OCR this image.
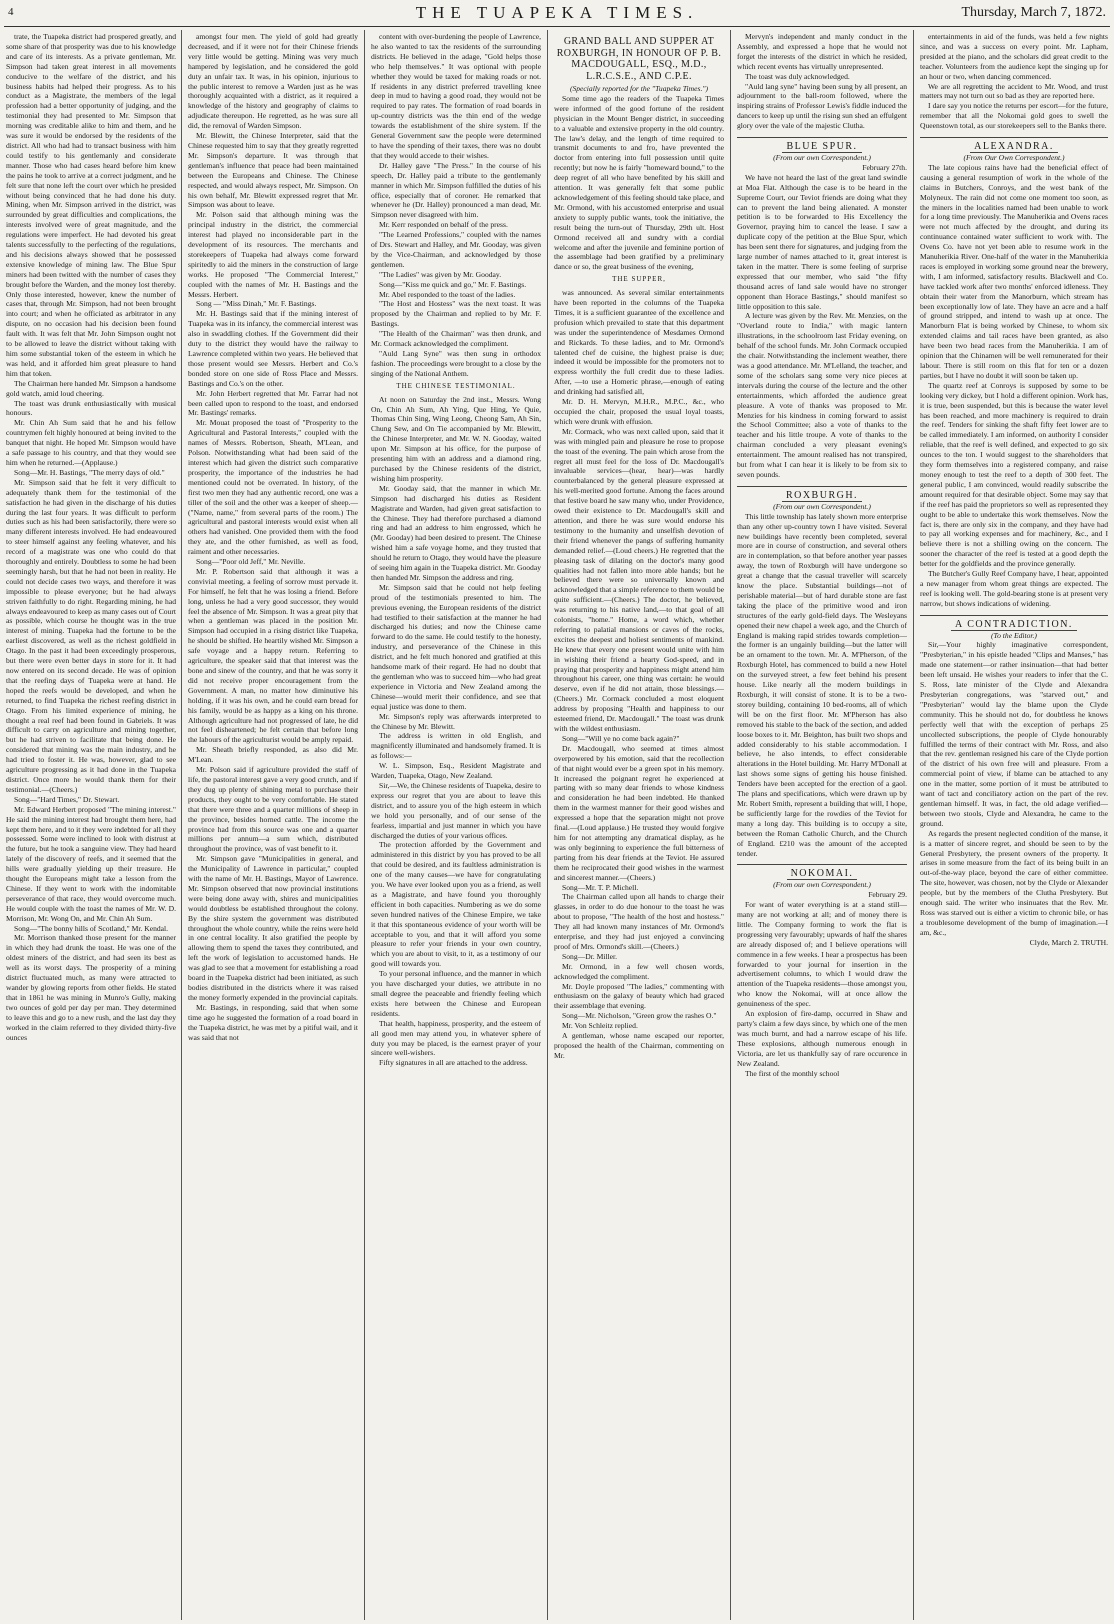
4	THE TUAPEKA TIMES.	Thursday, March 7, 1872.

trate, the Tuapeka district had prospered greatly, and some share of that prosperity was due to his knowledge and care of its interests. As a private gentleman, Mr. Simpson had taken great interest in all movements conducive to the welfare of the district, and his business habits had helped their progress. As to his conduct as a Magistrate, the members of the legal profession had a better opportunity of judging, and the testimonial they had presented to Mr. Simpson that morning was creditable alike to him and them, and he was sure it would be endorsed by the residents of the district. All who had had to transact business with him could testify to his gentlemanly and considerate manner. Those who had cases heard before him knew the pains he took to arrive at a correct judgment, and he felt sure that none left the court over which he presided without being convinced that he had done his duty. Mining, when Mr. Simpson arrived in the district, was surrounded by great difficulties and complications, the interests involved were of great magnitude, and the regulations were imperfect. He had devoted his great talents successfully to the perfecting of the regulations, and his decisions always showed that he possessed extensive knowledge of mining law. The Blue Spur miners had been twitted with the number of cases they brought before the Warden, and the money lost thereby. Only those interested, however, knew the number of cases that, through Mr. Simpson, had not been brought into court; and when he officiated as arbitrator in any dispute, on no occasion had his decision been found fault with. It was felt that Mr. John Simpson ought not to be allowed to leave the district without taking with him some substantial token of the esteem in which he was held, and it afforded him great pleasure to hand him that token.

The Chairman here handed Mr. Simpson a handsome gold watch, amid loud cheering.

The toast was drunk enthusiastically with musical honours.

Mr. Chin Ah Sum said that he and his fellow countrymen felt highly honoured at being invited to the banquet that night. He hoped Mr. Simpson would have a safe passage to his country, and that they would see him when he returned.—(Applause.)

Song—Mr. H. Bastings, "The merry days of old."

Mr. Simpson said that he felt it very difficult to adequately thank them for the testimonial of the satisfaction he had given in the discharge of his duties during the last four years. It was difficult to perform duties such as his had been satisfactorily, there were so many different interests involved. He had endeavoured to steer himself against any feeling whatever, and his record of a magistrate was one who could do that thoroughly and entirely. Doubtless to some he had been seemingly harsh, but that he had not been in reality. He could not decide cases two ways, and therefore it was impossible to please everyone; but he had always striven faithfully to do right. Regarding mining, he had always endeavoured to keep as many cases out of Court as possible, which course he thought was in the true interest of mining. Tuapeka had the fortune to be the earliest discovered, as well as the richest goldfield in Otago. In the past it had been exceedingly prosperous, but there were even better days in store for it. It had now entered on its second decade. He was of opinion that the reefing days of Tuapeka were at hand. He hoped the reefs would be developed, and when he returned, to find Tuapeka the richest reefing district in Otago. From his limited experience of mining, he thought a real reef had been found in Gabriels. It was difficult to carry on agriculture and mining together, but he had striven to facilitate that being done. He considered that mining was the main industry, and he had tried to foster it. He was, however, glad to see agriculture progressing as it had done in the Tuapeka district. Once more he would thank them for their testimonial.—(Cheers.)

Song—"Hard Times," Dr. Stewart.

Mr. Edward Herbert proposed "The mining interest." He said the mining interest had brought them here, had kept them here, and to it they were indebted for all they possessed. Some were inclined to look with distrust at the future, but he took a sanguine view. They had heard lately of the discovery of reefs, and it seemed that the hills were gradually yielding up their treasure. He thought the Europeans might take a lesson from the Chinese. If they went to work with the indomitable perseverance of that race, they would overcome much. He would couple with the toast the names of Mr. W. D. Morrison, Mr. Wong On, and Mr. Chin Ah Sum.

Song—"The bonny hills of Scotland," Mr. Kendal.

Mr. Morrison thanked those present for the manner in which they had drunk the toast. He was one of the oldest miners of the district, and had seen its best as well as its worst days. The prosperity of a mining district fluctuated much, as many were attracted to wander by glowing reports from other fields. He stated that in 1861 he was mining in Munro's Gully, making two ounces of gold per day per man. They determined to leave this and go to a new rush, and the last day they worked in the claim referred to they divided thirty-five ounces

amongst four men. The yield of gold had greatly decreased, and if it were not for their Chinese friends very little would be getting. Mining was very much hampered by legislation, and he considered the gold duty an unfair tax. It was, in his opinion, injurious to the public interest to remove a Warden just as he was thoroughly acquainted with a district, as it required a knowledge of the history and geography of claims to adjudicate thereupon. He regretted, as he was sure all did, the removal of Warden Simpson.

Mr. Blewitt, the Chinese Interpreter, said that the Chinese requested him to say that they greatly regretted Mr. Simpson's departure. It was through that gentleman's influence that peace had been maintained between the Europeans and Chinese. The Chinese respected, and would always respect, Mr. Simpson. On his own behalf, Mr. Blewitt expressed regret that Mr. Simpson was about to leave.

Mr. Polson said that although mining was the principal industry in the district, the commercial interest had played no inconsiderable part in the development of its resources. The merchants and storekeepers of Tuapeka had always come forward spiritedly to aid the miners in the construction of large works. He proposed "The Commercial Interest," coupled with the names of Mr. H. Bastings and the Messrs. Herbert.

Song — "Miss Dinah," Mr. F. Bastings.

Mr. H. Bastings said that if the mining interest of Tuapeka was in its infancy, the commercial interest was also in swaddling clothes. If the Government did their duty to the district they would have the railway to Lawrence completed within two years. He believed that those present would see Messrs. Herbert and Co.'s bonded store on one side of Ross Place and Messrs. Bastings and Co.'s on the other.

Mr. John Herbert regretted that Mr. Farrar had not been called upon to respond to the toast, and endorsed Mr. Bastings' remarks.

Mr. Mouat proposed the toast of "Prosperity to the Agricultural and Pastoral Interests," coupled with the names of Messrs. Robertson, Sheath, M'Lean, and Polson. Notwithstanding what had been said of the interest which had given the district such comparative prosperity, the importance of the industries he had mentioned could not be overrated. In history, of the first two men they had any authentic record, one was a tiller of the soil and the other was a keeper of sheep.—("Name, name," from several parts of the room.) The agricultural and pastoral interests would exist when all others had vanished. One provided them with the food they ate, and the other furnished, as well as food, raiment and other necessaries.

Song—"Poor old Jeff," Mr. Neville.

Mr. P. Robertson said that although it was a convivial meeting, a feeling of sorrow must pervade it. For himself, he felt that he was losing a friend. Before long, unless he had a very good successor, they would feel the absence of Mr. Simpson. It was a great pity that when a gentleman was placed in the position Mr. Simpson had occupied in a rising district like Tuapeka, he should be shifted. He heartily wished Mr. Simpson a safe voyage and a happy return. Referring to agriculture, the speaker said that that interest was the bone and sinew of the country, and that he was sorry it did not receive proper encouragement from the Government. A man, no matter how diminutive his holding, if it was his own, and he could earn bread for his family, would be as happy as a king on his throne. Although agriculture had not progressed of late, he did not feel disheartened; he felt certain that before long the labours of the agriculturist would be amply repaid.

Mr. Sheath briefly responded, as also did Mr. M'Lean.

Mr. Polson said if agriculture provided the staff of life, the pastoral interest gave a very good crutch, and if they dug up plenty of shining metal to purchase their products, they ought to be very comfortable. He stated that there were three and a quarter millions of sheep in the province, besides horned cattle. The income the province had from this source was one and a quarter millions per annum—a sum which, distributed throughout the province, was of vast benefit to it.

Mr. Simpson gave "Municipalities in general, and the Municipality of Lawrence in particular," coupled with the name of Mr. H. Bastings, Mayor of Lawrence. Mr. Simpson observed that now provincial institutions were being done away with, shires and municipalities would doubtless be established throughout the colony. By the shire system the government was distributed throughout the whole country, while the reins were held in one central locality. It also gratified the people by allowing them to spend the taxes they contributed, and left the work of legislation to accustomed hands. He was glad to see that a movement for establishing a road board in the Tuapeka district had been initiated, as such bodies distributed in the districts where it was raised the money formerly expended in the provincial capitals.

Mr. Bastings, in responding, said that when some time ago he suggested the formation of a road board in the Tuapeka district, he was met by a pitiful wail, and it was said that not

content with over-burdening the people of Lawrence, he also wanted to tax the residents of the surrounding districts. He believed in the adage, "Gold helps those who help themselves." It was optional with people whether they would be taxed for making roads or not. If residents in any district preferred travelling knee deep in mud to having a good road, they would not be required to pay rates. The formation of road boards in up-country districts was the thin end of the wedge towards the establishment of the shire system. If the General Government saw the people were determined to have the spending of their taxes, there was no doubt that they would accede to their wishes.

Dr. Halley gave "The Press." In the course of his speech, Dr. Halley paid a tribute to the gentlemanly manner in which Mr. Simpson fulfilled the duties of his office, especially that of coroner. He remarked that whenever he (Dr. Halley) pronounced a man dead, Mr. Simpson never disagreed with him.

Mr. Kerr responded on behalf of the press.

"The Learned Professions," coupled with the names of Drs. Stewart and Halley, and Mr. Gooday, was given by the Vice-Chairman, and acknowledged by those gentlemen.

"The Ladies" was given by Mr. Gooday.

Song—"Kiss me quick and go," Mr. F. Bastings.

Mr. Abel responded to the toast of the ladies.

"The Host and Hostess" was the next toast. It was proposed by the Chairman and replied to by Mr. F. Bastings.

"The Health of the Chairman" was then drunk, and Mr. Cormack acknowledged the compliment.

"Auld Lang Syne" was then sung in orthodox fashion. The proceedings were brought to a close by the singing of the National Anthem.

THE CHINESE TESTIMONIAL.

At noon on Saturday the 2nd inst., Messrs. Wong On, Chin Ah Sum, Ah Ying, Que Hing, Ye Quie, Thomas Chin Sing, Wing Leong, Cheong Sam, Ah Sin, Chung Sew, and On Tie accompanied by Mr. Blewitt, the Chinese Interpreter, and Mr. W. N. Gooday, waited upon Mr. Simpson at his office, for the purpose of presenting him with an address and a diamond ring, purchased by the Chinese residents of the district, wishing him prosperity.

Mr. Gooday said, that the manner in which Mr. Simpson had discharged his duties as Resident Magistrate and Warden, had given great satisfaction to the Chinese. They had therefore purchased a diamond ring and had an address to him engrossed, which he (Mr. Gooday) had been desired to present. The Chinese wished him a safe voyage home, and they trusted that should he return to Otago, they would have the pleasure of seeing him again in the Tuapeka district. Mr. Gooday then handed Mr. Simpson the address and ring.

Mr. Simpson said that he could not help feeling proud of the testimonials presented to him. The previous evening, the European residents of the district had testified to their satisfaction at the manner he had discharged his duties; and now the Chinese came forward to do the same. He could testify to the honesty, industry, and perseverance of the Chinese in this district, and he felt much honored and gratified at this handsome mark of their regard. He had no doubt that the gentleman who was to succeed him—who had great experience in Victoria and New Zealand among the Chinese—would merit their confidence, and see that equal justice was done to them.

Mr. Simpson's reply was afterwards interpreted to the Chinese by Mr. Blewitt.

The address is written in old English, and magnificently illuminated and handsomely framed. It is as follows:—

W. L. Simpson, Esq., Resident Magistrate and Warden, Tuapeka, Otago, New Zealand.

Sir,—We, the Chinese residents of Tuapeka, desire to express our regret that you are about to leave this district, and to assure you of the high esteem in which we hold you personally, and of our sense of the fearless, impartial and just manner in which you have discharged the duties of your various offices.

The protection afforded by the Government and administered in this district by you has proved to be all that could be desired, and its faultless administration is one of the many causes—we have for congratulating you. We have ever looked upon you as a friend, as well as a Magistrate, and have found you thoroughly efficient in both capacities. Numbering as we do some seven hundred natives of the Chinese Empire, we take it that this spontaneous evidence of your worth will be acceptable to you, and that it will afford you some pleasure to refer your friends in your own country, which you are about to visit, to it, as a testimony of our good will towards you.

To your personal influence, and the manner in which you have discharged your duties, we attribute in no small degree the peaceable and friendly feeling which exists here between the Chinese and European residents.

That health, happiness, prosperity, and the esteem of all good men may attend you, in whatever sphere of duty you may be placed, is the earnest prayer of your sincere well-wishers.

Fifty signatures in all are attached to the address.

GRAND BALL AND SUPPER AT ROXBURGH, IN HONOUR OF P. B. MACDOUGALL, ESQ., M.D., L.R.C.S.E., AND C.P.E.

(Specially reported for the "Tuapeka Times.")

Some time ago the readers of the Tuapeka Times were informed of the good fortune of the resident physician in the Mount Benger district, in succeeding to a valuable and extensive property in the old country. The law's delay, and the length of time required to transmit documents to and fro, have prevented the doctor from entering into full possession until quite recently; but now he is fairly "homeward bound," to the deep regret of all who have benefited by his skill and attention. It was generally felt that some public acknowledgement of this feeling should take place, and Mr. Ormond, with his accustomed enterprise and usual anxiety to supply public wants, took the initiative, the result being the turn-out of Thursday, 29th ult. Host Ormond received all and sundry with a cordial welcome and after the juvenile and feminine portion of the assemblage had been gratified by a preliminary dance or so, the great business of the evening,

THE SUPPER,

was announced. As several similar entertainments have been reported in the columns of the Tuapeka Times, it is a sufficient guarantee of the excellence and profusion which prevailed to state that this department was under the superintendence of Mesdames Ormond and Rickards. To these ladies, and to Mr. Ormond's talented chef de cuisine, the highest praise is due; indeed it would be impossible for the promoters not to express worthily the full credit due to these ladies. After, —to use a Homeric phrase,—enough of eating and drinking had satisfied all,

Mr. D. H. Mervyn, M.H.R., M.P.C., &c., who occupied the chair, proposed the usual loyal toasts, which were drunk with effusion.

Mr. Cormack, who was next called upon, said that it was with mingled pain and pleasure he rose to propose the toast of the evening. The pain which arose from the regret all must feel for the loss of Dr. Macdougall's invaluable services—(hear, hear)—was hardly counterbalanced by the general pleasure expressed at his well-merited good fortune. Among the faces around that festive board he saw many who, under Providence, owed their existence to Dr. Macdougall's skill and attention, and there he was sure would endorse his testimony to the humanity and unselfish devotion of their friend whenever the pangs of suffering humanity demanded relief.—(Loud cheers.) He regretted that the pleasing task of dilating on the doctor's many good qualities had not fallen into more able hands; but he believed there were so universally known and acknowledged that a simple reference to them would be quite sufficient.—(Cheers.) The doctor, he believed, was returning to his native land,—to that goal of all colonists, "home." Home, a word which, whether referring to palatial mansions or caves of the rocks, excites the deepest and holiest sentiments of mankind. He knew that every one present would unite with him in wishing their friend a hearty God-speed, and in praying that prosperity and happiness might attend him throughout his career, one thing was certain: he would deserve, even if he did not attain, those blessings.—(Cheers.) Mr. Cormack concluded a most eloquent address by proposing "Health and happiness to our esteemed friend, Dr. Macdougall." The toast was drunk with the wildest enthusiasm.

Song—"Will ye no come back again?"

Dr. Macdougall, who seemed at times almost overpowered by his emotion, said that the recollection of that night would ever be a green spot in his memory. It increased the poignant regret he experienced at parting with so many dear friends to whose kindness and consideration he had been indebted. He thanked them in the warmest manner for their good wishes and expressed a hope that the separation might not prove final.—(Loud applause.) He trusted they would forgive him for not attempting any dramatical display, as he was only beginning to experience the full bitterness of parting from his dear friends at the Teviot. He assured them he reciprocated their good wishes in the warmest and sincerest manner.—(Cheers.)

Song—Mr. T. P. Michell.

The Chairman called upon all hands to charge their glasses, in order to do due honour to the toast he was about to propose, "The health of the host and hostess." They all had known many instances of Mr. Ormond's enterprise, and they had just enjoyed a convincing proof of Mrs. Ormond's skill.—(Cheers.)

Song—Dr. Miller.

Mr. Ormond, in a few well chosen words, acknowledged the compliment.

Mr. Doyle proposed "The ladies," commenting with enthusiasm on the galaxy of beauty which had graced their assemblage that evening.

Song—Mr. Nicholson, "Green grow the rashes O."

Mr. Von Schleitz replied.

A gentleman, whose name escaped our reporter, proposed the health of the Chairman, commenting on Mr.

Mervyn's independent and manly conduct in the Assembly, and expressed a hope that he would not forget the interests of the district in which he resided, which recent events has virtually unrepresented.

The toast was duly acknowledged.

"Auld lang syne" having been sung by all present, an adjournment to the ball-room followed, where the inspiring strains of Professor Lewis's fiddle induced the dancers to keep up until the rising sun shed an effulgent glory over the vale of the majestic Clutha.

BLUE SPUR.

(From our own Correspondent.)

February 27th.

We have not heard the last of the great land swindle at Moa Flat. Although the case is to be heard in the Supreme Court, our Teviot friends are doing what they can to prevent the land being alienated. A monster petition is to be forwarded to His Excellency the Governor, praying him to cancel the lease. I saw a duplicate copy of the petition at the Blue Spur, which has been sent there for signatures, and judging from the large number of names attached to it, great interest is taken in the matter. There is some feeling of surprise expressed that our member, who said "the fifty thousand acres of land sale would have no stronger opponent than Horace Bastings," should manifest so little opposition to this sale.

A lecture was given by the Rev. Mr. Menzies, on the "Overland route to India," with magic lantern illustrations, in the schoolroom last Friday evening, on behalf of the school funds. Mr. John Cormack occupied the chair. Notwithstanding the inclement weather, there was a good attendance. Mr. M'Lelland, the teacher, and some of the scholars sang some very nice pieces at intervals during the course of the lecture and the other entertainments, which afforded the audience great pleasure. A vote of thanks was proposed to Mr. Menzies for his kindness in coming forward to assist the School Committee; also a vote of thanks to the teacher and his little troupe. A vote of thanks to the chairman concluded a very pleasant evening's entertainment. The amount realised has not transpired, but from what I can hear it is likely to be from six to seven pounds.

ROXBURGH.

(From our own Correspondent.)

This little township has lately shown more enterprise than any other up-country town I have visited. Several new buildings have recently been completed, several more are in course of construction, and several others are in contemplation, so that before another year passes away, the town of Roxburgh will have undergone so great a change that the casual traveller will scarcely know the place. Substantial buildings—not of perishable material—but of hard durable stone are fast taking the place of the primitive wood and iron structures of the early gold-field days. The Wesleyans opened their new chapel a week ago, and the Church of England is making rapid strides towards completion—the former is an ungainly building—but the latter will be an ornament to the town. Mr. A. M'Pherson, of the Roxburgh Hotel, has commenced to build a new Hotel on the surveyed street, a few feet behind his present house. Like nearly all the modern buildings in Roxburgh, it will consist of stone. It is to be a two-storey building, containing 10 bed-rooms, all of which will be on the first floor. Mr. M'Pherson has also removed his stable to the back of the section, and added loose boxes to it. Mr. Beighton, has built two shops and added considerably to his stable accommodation. I believe, he also intends, to effect considerable alterations in the Hotel building. Mr. Harry M'Donall at last shows some signs of getting his house finished. Tenders have been accepted for the erection of a gaol. The plans and specifications, which were drawn up by Mr. Robert Smith, represent a building that will, I hope, be sufficiently large for the rowdies of the Teviot for many a long day. This building is to occupy a site, between the Roman Catholic Church, and the Church of England. £210 was the amount of the accepted tender.

NOKOMAI.

(From our own Correspondent.)

February 29.

For want of water everything is at a stand still—many are not working at all; and of money there is little. The Company forming to work the flat is progressing very favourably; upwards of half the shares are already disposed of; and I believe operations will commence in a few weeks. I hear a prospectus has been forwarded to your journal for insertion in the advertisement columns, to which I would draw the attention of the Tuapeka residents—those amongst you, who know the Nokomai, will at once allow the genuineness of the spec.

An explosion of fire-damp, occurred in Shaw and party's claim a few days since, by which one of the men was much burnt, and had a narrow escape of his life. These explosions, although numerous enough in Victoria, are let us thankfully say of rare occurence in New Zealand.

The first of the monthly school

entertainments in aid of the funds, was held a few nights since, and was a success on every point. Mr. Lapham, presided at the piano, and the scholars did great credit to the teacher. Volunteers from the audience kept the singing up for an hour or two, when dancing commenced.

We are all regretting the accident to Mr. Wood, and trust matters may not turn out so bad as they are reported here.

I dare say you notice the returns per escort—for the future, remember that all the Nokomai gold goes to swell the Queenstown total, as our storekeepers sell to the Banks there.

ALEXANDRA.

(From Our Own Correspondent.)

The late copious rains have had the beneficial effect of causing a general resumption of work in the whole of the claims in Butchers, Conroys, and the west bank of the Molyneux. The rain did not come one moment too soon, as the miners in the localities named had been unable to work for a long time previously. The Manuherikia and Ovens races were not much affected by the drought, and during its continuance contained water sufficient to work with. The Ovens Co. have not yet been able to resume work in the Manuherikia River. One-half of the water in the Manuherikia races is employed in working some ground near the brewery, with, I am informed, satisfactory results. Blackwell and Co. have tackled work after two months' enforced idleness. They obtain their water from the Manorburn, which stream has been exceptionally low of late. They have an acre and a half of ground stripped, and intend to wash up at once. The Manorburn Flat is being worked by Chinese, to whom six extended claims and tail races have been granted, as also have been two head races from the Manuherikia. I am of opinion that the Chinamen will be well remunerated for their labour. There is still room on this flat for ten or a dozen parties, but I have no doubt it will soon be taken up.

The quartz reef at Conroys is supposed by some to be looking very dickey, but I hold a different opinion. Work has, it is true, been suspended, but this is because the water level has been reached, and more machinery is required to drain the reef. Tenders for sinking the shaft fifty feet lower are to be called immediately. I am informed, on authority I consider reliable, that the reef is well defined, and expected to go six ounces to the ton. I would suggest to the shareholders that they form themselves into a registered company, and raise money enough to test the reef to a depth of 300 feet. The general public, I am convinced, would readily subscribe the amount required for that desirable object. Some may say that if the reef has paid the proprietors so well as represented they ought to be able to undertake this work themselves. Now the fact is, there are only six in the company, and they have had to pay all working expenses and for machinery, &c., and I believe there is not a shilling owing on the concern. The sooner the character of the reef is tested at a good depth the better for the goldfields and the province generally.

The Butcher's Gully Reef Company have, I hear, appointed a new manager from whom great things are expected. The reef is looking well. The gold-bearing stone is at present very narrow, but shows indications of widening.

A CONTRADICTION.

(To the Editor.)

Sir,—Your highly imaginative correspondent, "Presbyterian," in his epistle headed "Clips and Manses," has made one statement—or rather insinuation—that had better been left unsaid. He wishes your readers to infer that the C. S. Ross, late minister of the Clyde and Alexandra Presbyterian congregations, was "starved out," and "Presbyterian" would lay the blame upon the Clyde community. This he should not do, for doubtless he knows perfectly well that with the exception of perhaps 25 uncollected subscriptions, the people of Clyde honourably fulfilled the terms of their contract with Mr. Ross, and also that the rev. gentleman resigned his care of the Clyde portion of the district of his own free will and pleasure. From a commercial point of view, if blame can be attached to any one in the matter, some portion of it must be attributed to want of tact and conciliatory action on the part of the rev. gentleman himself. It was, in fact, the old adage verified—between two stools, Clyde and Alexandra, he came to the ground.

As regards the present neglected condition of the manse, it is a matter of sincere regret, and should be seen to by the General Presbytery, the present owners of the property. It arises in some measure from the fact of its being built in an out-of-the-way place, beyond the care of either committee. The site, however, was chosen, not by the Clyde or Alexander people, but by the members of the Clutha Presbytery. But enough said. The writer who insinuates that the Rev. Mr. Ross was starved out is either a victim to chronic bile, or has a troublesome development of the bump of imagination.—I am, &c.,

Clyde, March 2. TRUTH.
